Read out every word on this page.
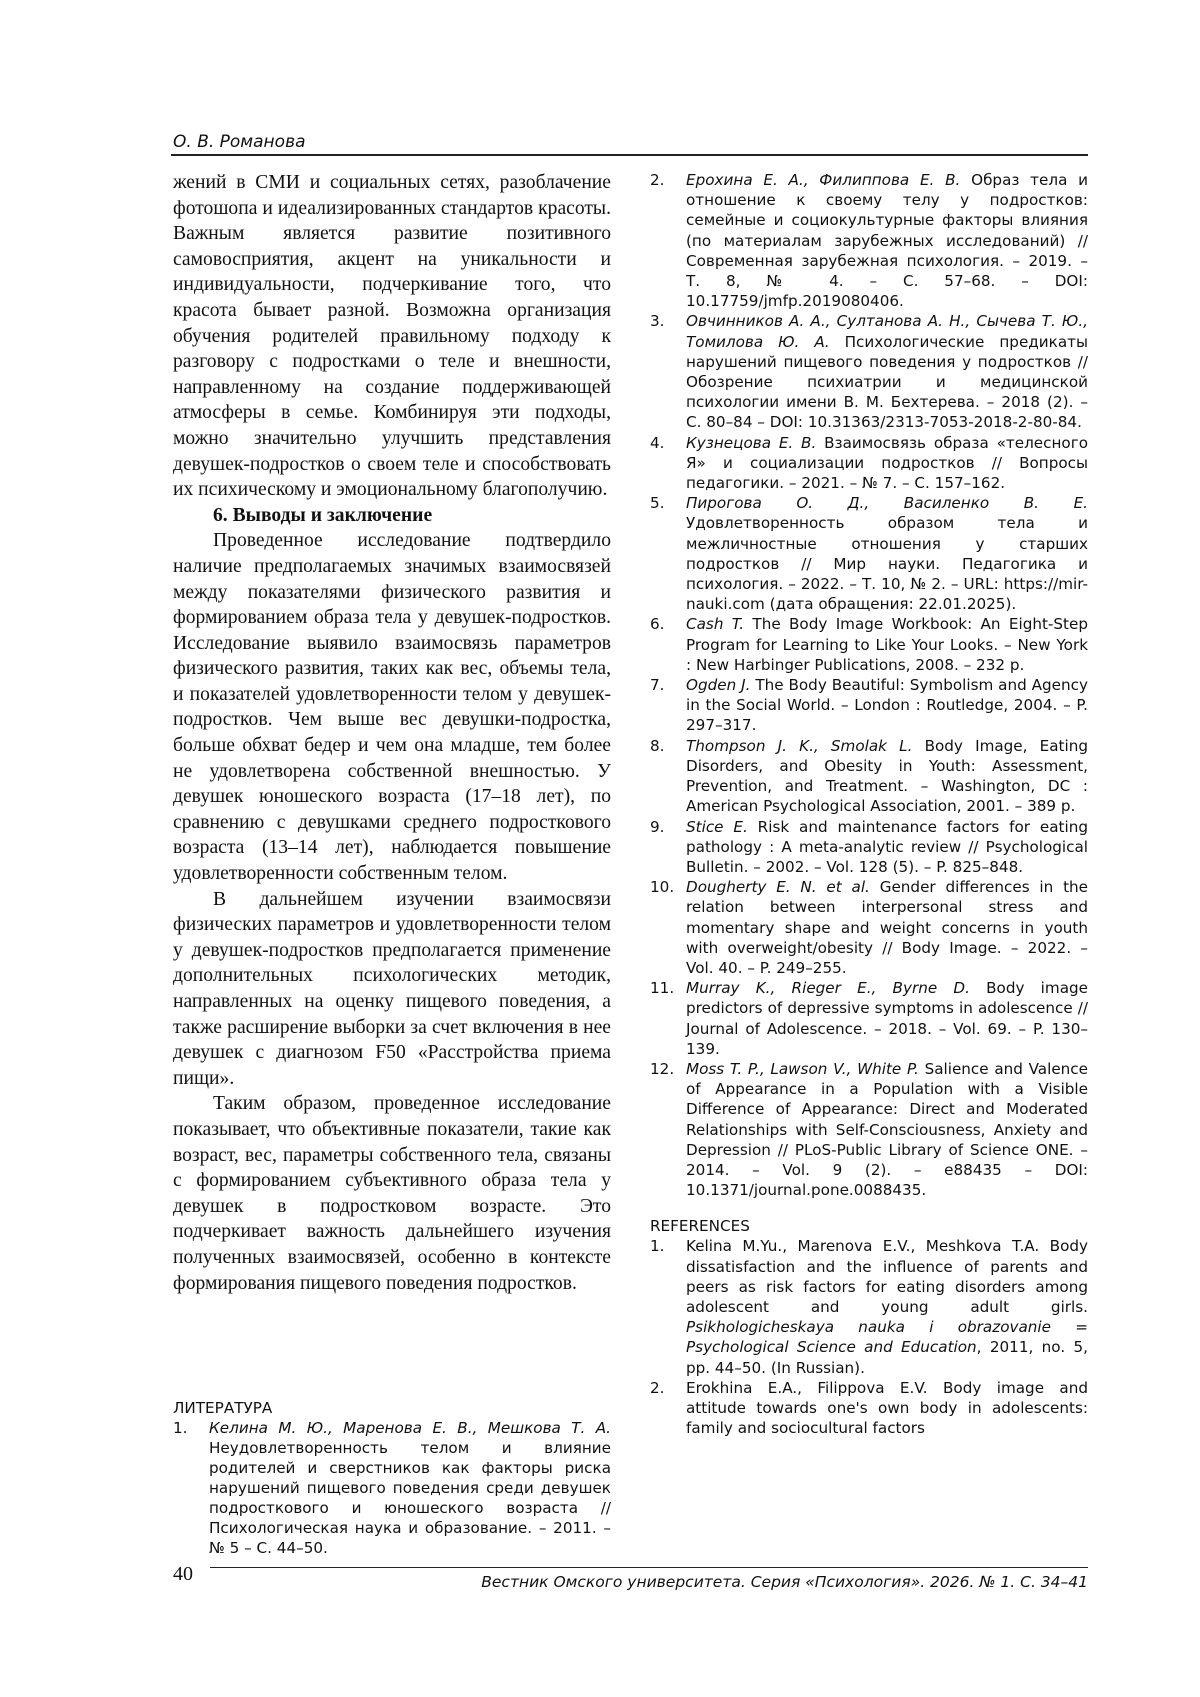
О. В. Романова

жений в СМИ и социальных сетях, разоблачение фотошопа и идеализированных стандартов красоты. Важным является развитие позитивного самовосприятия, акцент на уникальности и индивидуальности, подчеркивание того, что красота бывает разной. Возможна организация обучения родителей правильному подходу к разговору с подростками о теле и внешности, направленному на создание поддерживающей атмосферы в семье. Комбинируя эти подходы, можно значительно улучшить представления девушек-подростков о своем теле и способствовать их психическому и эмоциональному благополучию.

6. Выводы и заключение

Проведенное исследование подтвердило наличие предполагаемых значимых взаимосвязей между показателями физического развития и формированием образа тела у девушек-подростков. Исследование выявило взаимосвязь параметров физического развития, таких как вес, объемы тела, и показателей удовлетворенности телом у девушек-подростков. Чем выше вес девушки-подростка, больше обхват бедер и чем она младше, тем более не удовлетворена собственной внешностью. У девушек юношеского возраста (17–18 лет), по сравнению с девушками среднего подросткового возраста (13–14 лет), наблюдается повышение удовлетворенности собственным телом.

В дальнейшем изучении взаимосвязи физических параметров и удовлетворенности телом у девушек-подростков предполагается применение дополнительных психологических методик, направленных на оценку пищевого поведения, а также расширение выборки за счет включения в нее девушек с диагнозом F50 «Расстройства приема пищи».

Таким образом, проведенное исследование показывает, что объективные показатели, такие как возраст, вес, параметры собственного тела, связаны с формированием субъективного образа тела у девушек в подростковом возрасте. Это подчеркивает важность дальнейшего изучения полученных взаимосвязей, особенно в контексте формирования пищевого поведения подростков.

ЛИТЕРАТУРА
1.	Келина М. Ю., Маренова Е. В., Мешкова Т. А. Неудовлетворенность телом и влияние родителей и сверстников как факторы риска нарушений пищевого поведения среди девушек подросткового и юношеского возраста // Психологическая наука и образование. – 2011. – № 5 – С. 44–50.
2.	Ерохина Е. А., Филиппова Е. В. Образ тела и отношение к своему телу у подростков: семейные и социокультурные факторы влияния (по материалам зарубежных исследований) // Современная зарубежная психология. – 2019. – Т. 8, № 4. – С. 57–68. – DOI: 10.17759/jmfp.2019080406.
3.	Овчинников А. А., Султанова А. Н., Сычева Т. Ю., Томилова Ю. А. Психологические предикаты нарушений пищевого поведения у подростков // Обозрение психиатрии и медицинской психологии имени В. М. Бехтерева. – 2018 (2). – С. 80–84 – DOI: 10.31363/2313-7053-2018-2-80-84.
4.	Кузнецова Е. В. Взаимосвязь образа «телесного Я» и социализации подростков // Вопросы педагогики. – 2021. – № 7. – С. 157–162.
5.	Пирогова О. Д., Василенко В. Е. Удовлетворенность образом тела и межличностные отношения у старших подростков // Мир науки. Педагогика и психология. – 2022. – Т. 10, № 2. – URL: https://mir-nauki.com (дата обращения: 22.01.2025).
6.	Cash T. The Body Image Workbook: An Eight-Step Program for Learning to Like Your Looks. – New York : New Harbinger Publications, 2008. – 232 p.
7.	Ogden J. The Body Beautiful: Symbolism and Agency in the Social World. – London : Routledge, 2004. – P. 297–317.
8.	Thompson J. K., Smolak L. Body Image, Eating Disorders, and Obesity in Youth: Assessment, Prevention, and Treatment. – Washington, DC : American Psychological Association, 2001. – 389 p.
9.	Stice E. Risk and maintenance factors for eating pathology : A meta-analytic review // Psychological Bulletin. – 2002. – Vol. 128 (5). – P. 825–848.
10. Dougherty E. N. et al. Gender differences in the relation between interpersonal stress and momentary shape and weight concerns in youth with overweight/obesity // Body Image. – 2022. – Vol. 40. – P. 249–255.
11. Murray K., Rieger E., Byrne D. Body image predictors of depressive symptoms in adolescence // Journal of Adolescence. – 2018. – Vol. 69. – P. 130–139.
12. Moss T. P., Lawson V., White P. Salience and Valence of Appearance in a Population with a Visible Difference of Appearance: Direct and Moderated Relationships with Self-Consciousness, Anxiety and Depression // PLoS-Public Library of Science ONE. – 2014. – Vol. 9 (2). – e88435 – DOI: 10.1371/journal.pone.0088435.
REFERENCES
1.	Kelina M.Yu., Marenova E.V., Meshkova T.A. Body dissatisfaction and the influence of parents and peers as risk factors for eating disorders among adolescent and young adult girls. Psikhologicheskaya nauka i obrazovanie = Psychological Science and Education, 2011, no. 5, pp. 44–50. (In Russian).
2.	Erokhina E.A., Filippova E.V. Body image and attitude towards one's own body in adolescents: family and sociocultural factors
40	Вестник Омского университета. Серия «Психология». 2026. № 1. С. 34–41
